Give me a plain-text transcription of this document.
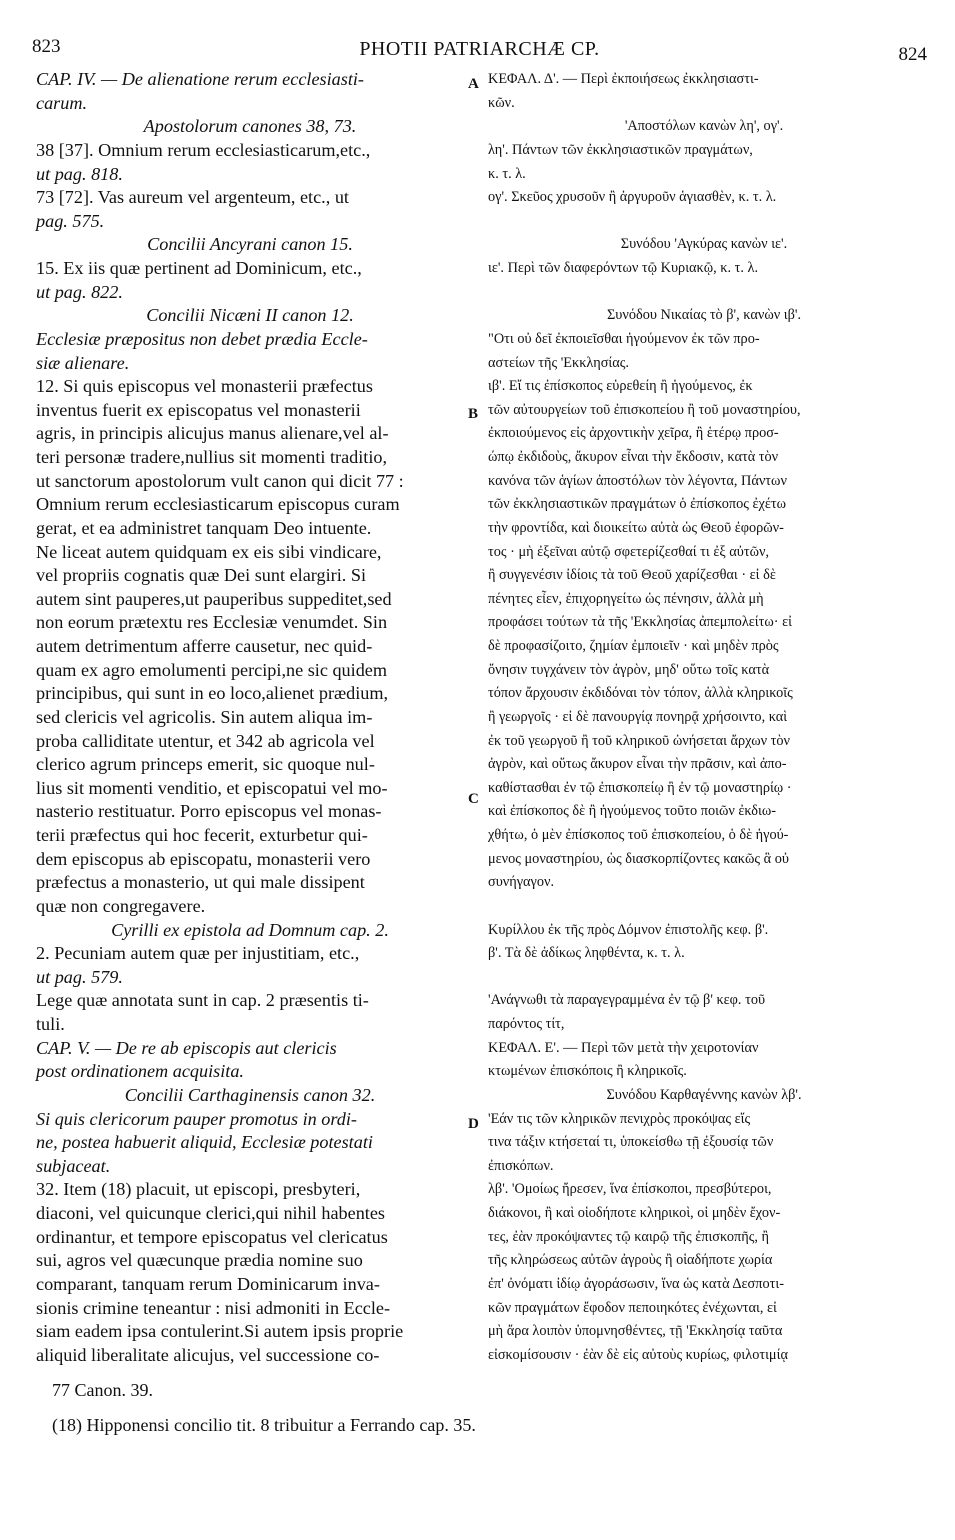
823	PHOTII PATRIARCHÆ CP.	824
CAP. IV. — De alienatione rerum ecclesiasti-
carum.
Apostolorum canones 38, 73.
38 [37]. Omnium rerum ecclesiasticarum,etc.,
ut pag. 818.
73 [72]. Vas aureum vel argenteum, etc., ut
pag. 575.
Concilii Ancyrani canon 15.
15. Ex iis quæ pertinent ad Dominicum, etc.,
ut pag. 822.
Concilii Nicæni II canon 12.
Ecclesiæ præpositus non debet prædia Eccle-
siæ alienare.
12. Si quis episcopus vel monasterii præfectus
inventus fuerit ex episcopatus vel monasterii
agris, in principis alicujus manus alienare,vel al-
teri personæ tradere,nullius sit momenti traditio,
ut sanctorum apostolorum vult canon qui dicit 77 :
Omnium rerum ecclesiasticarum episcopus curam
gerat, et ea administret tanquam Deo intuente.
Ne liceat autem quidquam ex eis sibi vindicare,
vel propriis cognatis quæ Dei sunt elargiri. Si
autem sint pauperes,ut pauperibus suppeditet,sed
non eorum prætextu res Ecclesiæ venumdet. Sin
autem detrimentum afferre causetur, nec quid-
quam ex agro emolumenti percipi,ne sic quidem
principibus, qui sunt in eo loco,alienet prædium,
sed clericis vel agricolis. Sin autem aliqua im-
proba calliditate utentur, et 342 ab agricola vel
clerico agrum princeps emerit, sic quoque nul-
lius sit momenti venditio, et episcopatui vel mo-
nasterio restituatur. Porro episcopus vel monas-
terii præfectus qui hoc fecerit, exturbetur qui-
dem episcopus ab episcopatu, monasterii vero
præfectus a monasterio, ut qui male dissipent
quæ non congregavere.
Cyrilli ex epistola ad Domnum cap. 2.
2. Pecuniam autem quæ per injustitiam, etc.,
ut pag. 579.
Lege quæ annotata sunt in cap. 2 præsentis ti-
tuli.
CAP. V. — De re ab episcopis aut clericis
post ordinationem acquisita.
Concilii Carthaginensis canon 32.
Si quis clericorum pauper promotus in ordi-
ne, postea habuerit aliquid, Ecclesiæ potestati
subjaceat.
32. Item (18) placuit, ut episcopi, presbyteri,
diaconi, vel quicunque clerici,qui nihil habentes
ordinantur, et tempore episcopatus vel clericatus
sui, agros vel quæcunque prædia nomine suo
comparant, tanquam rerum Dominicarum inva-
sionis crimine teneantur : nisi admoniti in Eccle-
siam eadem ipsa contulerint.Si autem ipsis proprie
aliquid liberalitate alicujus, vel successione co-
ΚΕΦΑΛ. Δ'. — Περὶ ἐκποιήσεως ἐκκλησιαστι-
κῶν.
'Αποστόλων κανὼν λη', ογ'.
λη'. Πάντων τῶν ἐκκλησιαστικῶν πραγμάτων,
κ. τ. λ.
ογ'. Σκεῦος χρυσοῦν ἢ ἀργυροῦν ἁγιασθὲν, κ. τ. λ.
Συνόδου 'Αγκύρας κανὼν ιε'.
ιε'. Περὶ τῶν διαφερόντων τῷ Κυριακῷ, κ. τ. λ.
Συνόδου Νικαίας τὸ β', κανὼν ιβ'.
"Οτι οὐ δεῖ ἐκποιεῖσθαι ἡγούμενον ἐκ τῶν προ-
αστείων τῆς 'Εκκλησίας.
ιβ'. Εἴ τις ἐπίσκοπος εὑρεθείη ἢ ἡγούμενος, ἐκ
τῶν αὐτουργείων τοῦ ἐπισκοπείου ἢ τοῦ μοναστηρίου,
ἐκποιούμενος εἰς ἀρχοντικὴν χεῖρα, ἢ ἑτέρῳ προσ-
ώπῳ ἐκδιδοὺς, ἄκυρον εἶναι τὴν ἔκδοσιν, κατὰ τὸν
κανόνα τῶν ἁγίων ἀποστόλων τὸν λέγοντα, Πάντων
τῶν ἐκκλησιαστικῶν πραγμάτων ὁ ἐπίσκοπος ἐχέτω
τὴν φροντίδα, καὶ διοικείτω αὐτὰ ὡς Θεοῦ ἐφορῶν-
τος · μὴ ἐξεῖναι αὐτῷ σφετερίζεσθαί τι ἐξ αὐτῶν,
ἢ συγγενέσιν ἰδίοις τὰ τοῦ Θεοῦ χαρίζεσθαι · εἰ δὲ
πένητες εἶεν, ἐπιχορηγείτω ὡς πένησιν, ἀλλὰ μὴ
προφάσει τούτων τὰ τῆς 'Εκκλησίας ἀπεμπολείτω· εἰ
δὲ προφασίζοιτο, ζημίαν ἐμποιεῖν · καὶ μηδὲν πρὸς
ὄνησιν τυγχάνειν τὸν ἀγρὸν, μηδ' οὕτω τοῖς κατὰ
τόπον ἄρχουσιν ἐκδιδόναι τὸν τόπον, ἀλλὰ κληρικοῖς
ἢ γεωργοῖς · εἰ δὲ πανουργίᾳ πονηρᾷ χρήσοιντο, καὶ
ἐκ τοῦ γεωργοῦ ἢ τοῦ κληρικοῦ ὠνήσεται ἄρχων τὸν
ἀγρὸν, καὶ οὕτως ἄκυρον εἶναι τὴν πρᾶσιν, καὶ ἀπο-
καθίστασθαι ἐν τῷ ἐπισκοπείῳ ἢ ἐν τῷ μοναστηρίῳ ·
καὶ ἐπίσκοπος δὲ ἢ ἡγούμενος τοῦτο ποιῶν ἐκδιω-
χθήτω, ὁ μὲν ἐπίσκοπος τοῦ ἐπισκοπείου, ὁ δὲ ἡγού-
μενος μοναστηρίου, ὡς διασκορπίζοντες κακῶς ἃ οὐ
συνήγαγον.
Κυρίλλου ἐκ τῆς πρὸς Δόμνον ἐπιστολῆς κεφ. β'.
β'. Τὰ δὲ ἀδίκως ληφθέντα, κ. τ. λ.
'Ανάγνωθι τὰ παραγεγραμμένα ἐν τῷ β' κεφ. τοῦ
παρόντος τίτ,
ΚΕΦΑΛ. Ε'. — Περὶ τῶν μετὰ τὴν χειροτονίαν
κτωμένων ἐπισκόποις ἢ κληρικοῖς.
Συνόδου Καρθαγέννης κανὼν λβ'.
'Εάν τις τῶν κληρικῶν πενιχρὸς προκόψας εἴς
τινα τάξιν κτήσεταί τι, ὑποκείσθω τῇ ἐξουσίᾳ τῶν
ἐπισκόπων.
λβ'. 'Ομοίως ἤρεσεν, ἵνα ἐπίσκοποι, πρεσβύτεροι,
διάκονοι, ἢ καὶ οἱοδήποτε κληρικοὶ, οἱ μηδὲν ἔχον-
τες, ἐὰν προκόψαντες τῷ καιρῷ τῆς ἐπισκοπῆς, ἢ
τῆς κληρώσεως αὐτῶν ἀγροὺς ἢ οἱαδήποτε χωρία
ἐπ' ὀνόματι ἰδίῳ ἀγοράσωσιν, ἵνα ὡς κατὰ Δεσποτι-
κῶν πραγμάτων ἔφοδον πεποιηκότες ἐνέχωνται, εἰ
μὴ ἄρα λοιπὸν ὑπομνησθέντες, τῇ 'Εκκλησίᾳ ταῦτα
εἰσκομίσουσιν · ἐὰν δὲ εἰς αὐτοὺς κυρίως, φιλοτιμίᾳ
A
B
C
D
77 Canon. 39.
(18) Hipponensi concilio tit. 8 tribuitur a Ferrando cap. 35.
